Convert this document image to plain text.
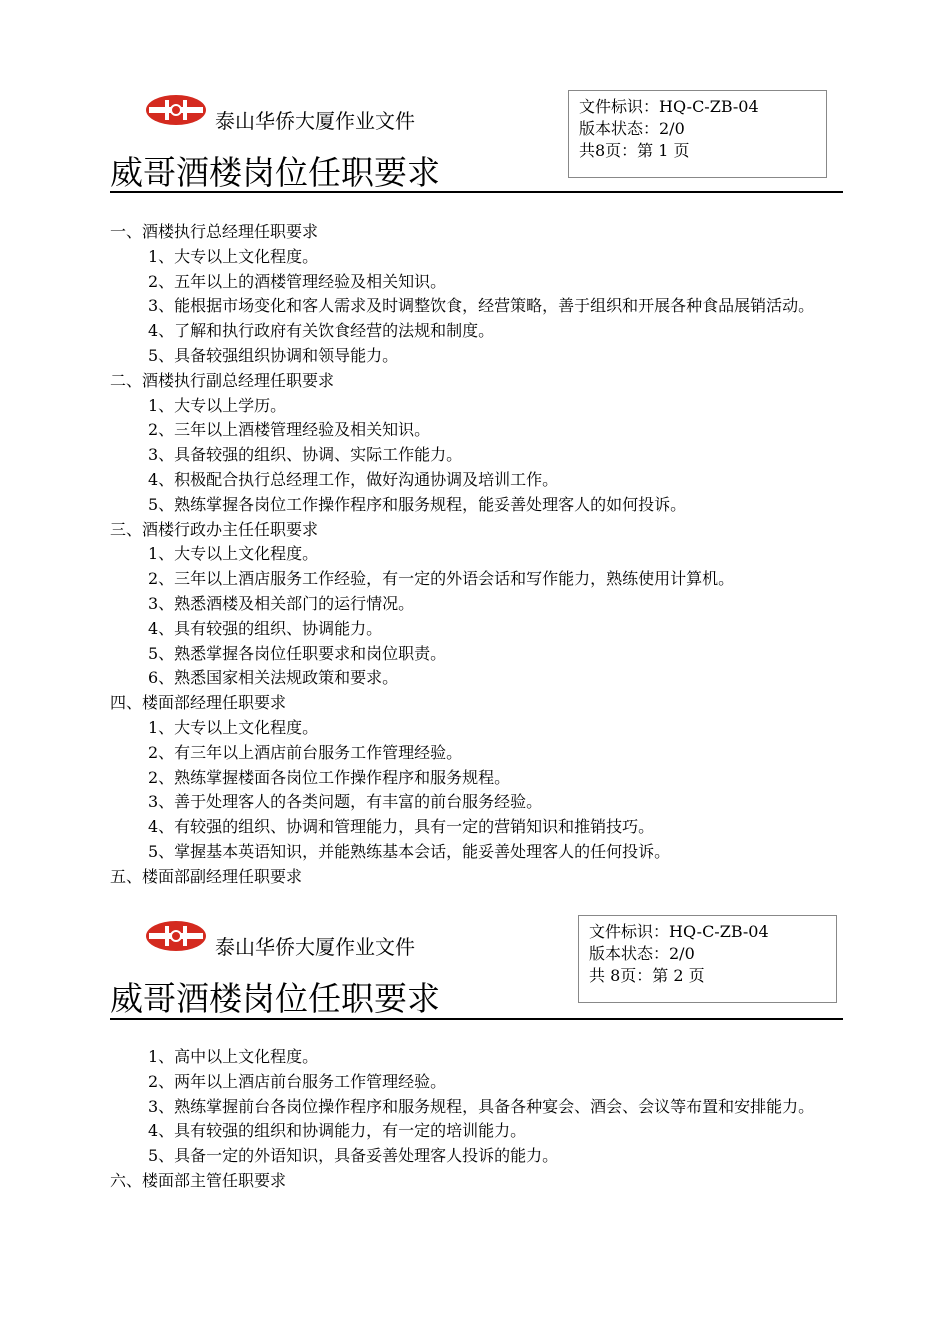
泰山华侨大厦作业文件
威哥酒楼岗位任职要求
文件标识：HQ-C-ZB-04
版本状态：2/0
共8页：第 1 页
一、酒楼执行总经理任职要求
1、大专以上文化程度。
2、五年以上的酒楼管理经验及相关知识。
3、能根据市场变化和客人需求及时调整饮食，经营策略，善于组织和开展各种食品展销活动。
4、了解和执行政府有关饮食经营的法规和制度。
5、具备较强组织协调和领导能力。
二、酒楼执行副总经理任职要求
1、大专以上学历。
2、三年以上酒楼管理经验及相关知识。
3、具备较强的组织、协调、实际工作能力。
4、积极配合执行总经理工作，做好沟通协调及培训工作。
5、熟练掌握各岗位工作操作程序和服务规程，能妥善处理客人的如何投诉。
三、酒楼行政办主任任职要求
1、大专以上文化程度。
2、三年以上酒店服务工作经验，有一定的外语会话和写作能力，熟练使用计算机。
3、熟悉酒楼及相关部门的运行情况。
4、具有较强的组织、协调能力。
5、熟悉掌握各岗位任职要求和岗位职责。
6、熟悉国家相关法规政策和要求。
四、楼面部经理任职要求
1、大专以上文化程度。
2、有三年以上酒店前台服务工作管理经验。
2、熟练掌握楼面各岗位工作操作程序和服务规程。
3、善于处理客人的各类问题，有丰富的前台服务经验。
4、有较强的组织、协调和管理能力，具有一定的营销知识和推销技巧。
5、掌握基本英语知识，并能熟练基本会话，能妥善处理客人的任何投诉。
五、楼面部副经理任职要求
泰山华侨大厦作业文件
威哥酒楼岗位任职要求
文件标识：HQ-C-ZB-04
版本状态：2/0
共 8页：第 2 页
1、高中以上文化程度。
2、两年以上酒店前台服务工作管理经验。
3、熟练掌握前台各岗位操作程序和服务规程，具备各种宴会、酒会、会议等布置和安排能力。
4、具有较强的组织和协调能力，有一定的培训能力。
5、具备一定的外语知识，具备妥善处理客人投诉的能力。
六、楼面部主管任职要求
